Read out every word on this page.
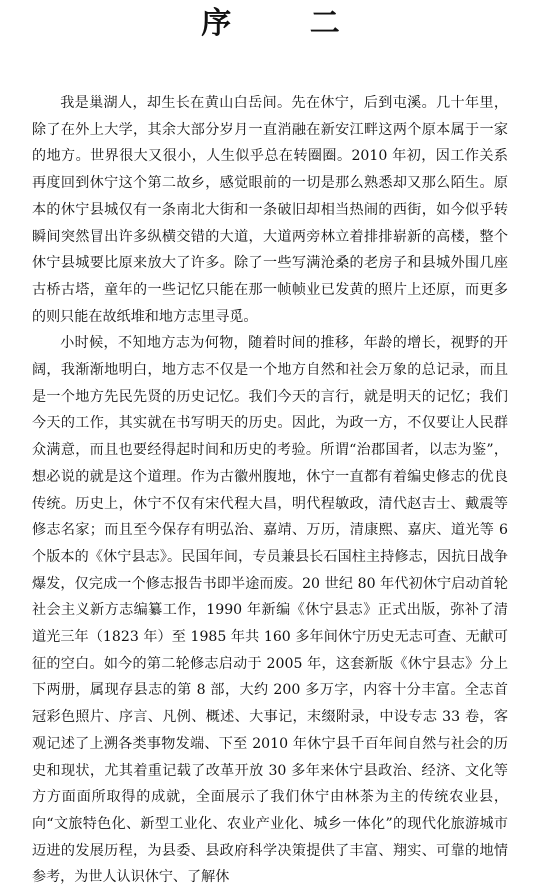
序 二

我是巢湖人，却生长在黄山白岳间。先在休宁，后到屯溪。几十年里，除了在外上大学，其余大部分岁月一直消融在新安江畔这两个原本属于一家的地方。世界很大又很小，人生似乎总在转圈圈。2010 年初，因工作关系再度回到休宁这个第二故乡，感觉眼前的一切是那么熟悉却又那么陌生。原本的休宁县城仅有一条南北大街和一条破旧却相当热闹的西街，如今似乎转瞬间突然冒出许多纵横交错的大道，大道两旁林立着排排崭新的高楼，整个休宁县城要比原来放大了许多。除了一些写满沧桑的老房子和县城外围几座古桥古塔，童年的一些记忆只能在那一帧帧业已发黄的照片上还原，而更多的则只能在故纸堆和地方志里寻觅。

小时候，不知地方志为何物，随着时间的推移，年龄的增长，视野的开阔，我渐渐地明白，地方志不仅是一个地方自然和社会万象的总记录，而且是一个地方先民先贤的历史记忆。我们今天的言行，就是明天的记忆；我们今天的工作，其实就在书写明天的历史。因此，为政一方，不仅要让人民群众满意，而且也要经得起时间和历史的考验。所谓“治郡国者，以志为鉴”，想必说的就是这个道理。作为古徽州腹地，休宁一直都有着编史修志的优良传统。历史上，休宁不仅有宋代程大昌，明代程敏政，清代赵吉士、戴震等修志名家；而且至今保存有明弘治、嘉靖、万历，清康熙、嘉庆、道光等 6 个版本的《休宁县志》。民国年间，专员兼县长石国柱主持修志，因抗日战争爆发，仅完成一个修志报告书即半途而废。20 世纪 80 年代初休宁启动首轮社会主义新方志编纂工作，1990 年新编《休宁县志》正式出版，弥补了清道光三年（1823 年）至 1985 年共 160 多年间休宁历史无志可查、无献可征的空白。如今的第二轮修志启动于 2005 年，这套新版《休宁县志》分上下两册，属现存县志的第 8 部，大约 200 多万字，内容十分丰富。全志首冠彩色照片、序言、凡例、概述、大事记，末缀附录，中设专志 33 卷，客观记述了上溯各类事物发端、下至 2010 年休宁县千百年间自然与社会的历史和现状，尤其着重记载了改革开放 30 多年来休宁县政治、经济、文化等方方面面所取得的成就，全面展示了我们休宁由林茶为主的传统农业县，向“文旅特色化、新型工业化、农业产业化、城乡一体化”的现代化旅游城市迈进的发展历程，为县委、县政府科学决策提供了丰富、翔实、可靠的地情参考，为世人认识休宁、了解休
